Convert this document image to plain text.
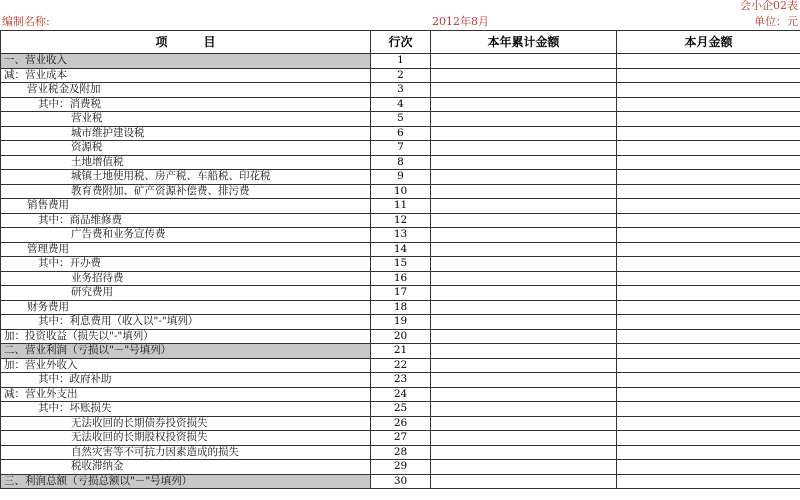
会小企02表
编制名称:	2012年8月	单位：元
项　　　目	行次	本年累计金额	本月金额
一、营业收入	1		
减：营业成本	2		
营业税金及附加	3		
其中：消费税	4		
营业税	5		
城市维护建设税	6		
资源税	7		
土地增值税	8		
城镇土地使用税、房产税、车船税、印花税	9		
教育费附加、矿产资源补偿费、排污费	10		
销售费用	11		
其中：商品维修费	12		
广告费和业务宣传费	13		
管理费用	14		
其中：开办费	15		
业务招待费	16		
研究费用	17		
财务费用	18		
其中：利息费用（收入以"-"填列）	19		
加：投资收益（损失以"-"填列）	20		
二、营业利润（亏损以"－"号填列）	21		
加：营业外收入	22		
其中：政府补助	23		
减：营业外支出	24		
其中：坏账损失	25		
无法收回的长期债券投资损失	26		
无法收回的长期股权投资损失	27		
自然灾害等不可抗力因素造成的损失	28		
税收滞纳金	29		
三、利润总额（亏损总额以"－"号填列）	30		
